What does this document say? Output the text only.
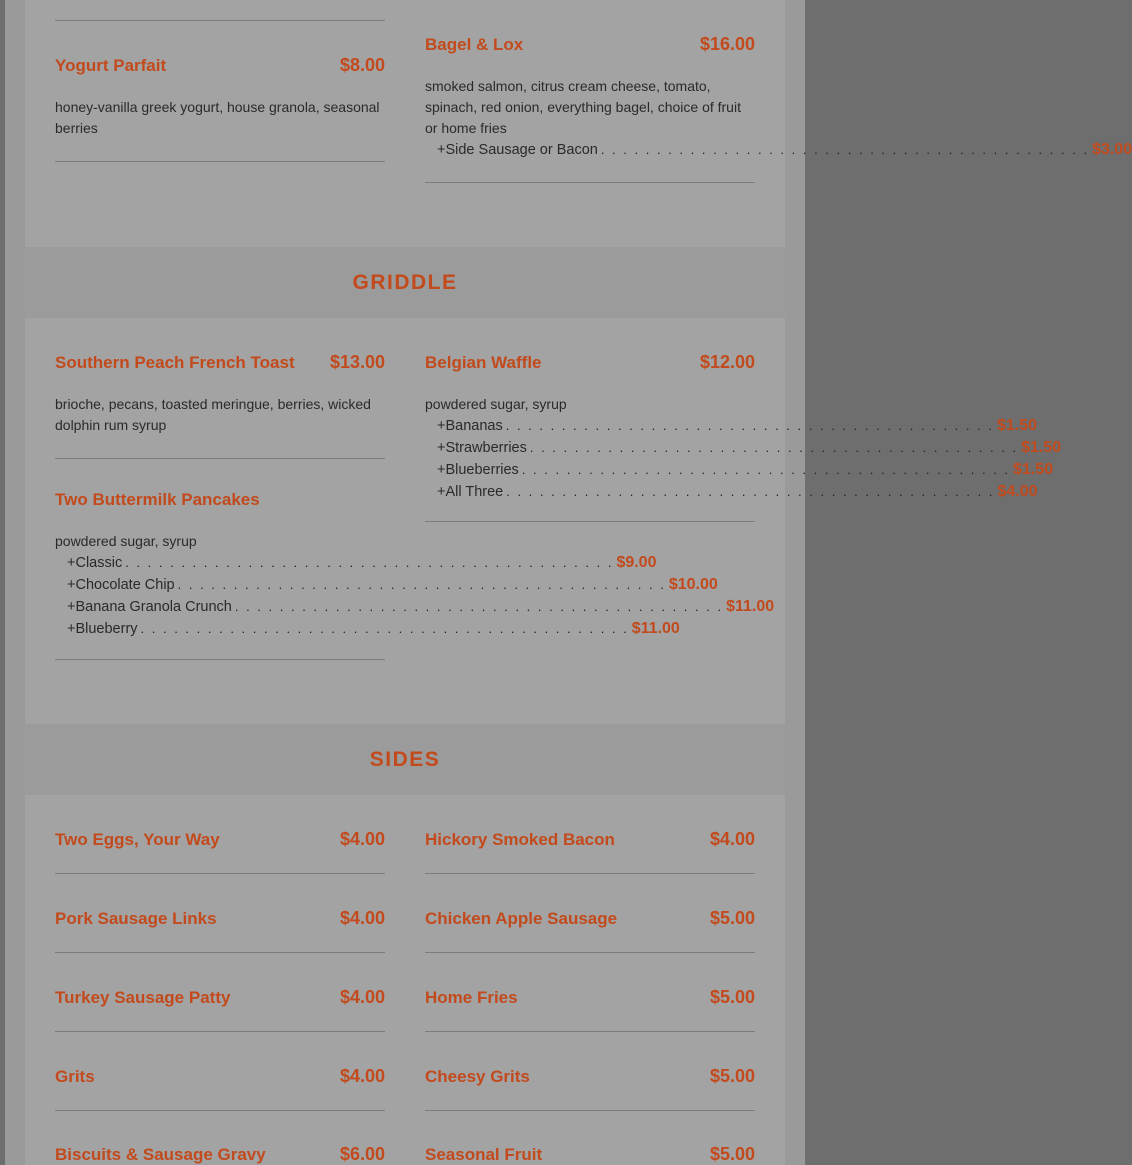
Yogurt Parfait	$8.00
honey-vanilla greek yogurt, house granola, seasonal berries
Bagel & Lox	$16.00
smoked salmon, citrus cream cheese, tomato, spinach, red onion, everything bagel, choice of fruit or home fries
+ Side Sausage or Bacon . . . . . . . . . . . . . . . . . . . . . . . . . . . . . . . . . . . . . . . . . . . . $3.00
GRIDDLE
Southern Peach French Toast $13.00
brioche, pecans, toasted meringue, berries, wicked dolphin rum syrup
Two Buttermilk Pancakes
powdered sugar, syrup
+ Classic . . . . . . . . . . . . . . . . . . . . . . . . . . . . . . . . . . . . . . . . . . . . $9.00
+ Chocolate Chip . . . . . . . . . . . . . . . . . . . . . . . . . . . . . . . . . . . . . . . . . . . . $10.00
+ Banana Granola Crunch . . . . . . . . . . . . . . . . . . . . . . . . . . . . . . . . . . . . . . . . . . . . $11.00
+ Blueberry . . . . . . . . . . . . . . . . . . . . . . . . . . . . . . . . . . . . . . . . . . . . $11.00
Belgian Waffle	$12.00
powdered sugar, syrup
+ Bananas . . . . . . . . . . . . . . . . . . . . . . . . . . . . . . . . . . . . . . . . . . . . $1.50
+ Strawberries . . . . . . . . . . . . . . . . . . . . . . . . . . . . . . . . . . . . . . . . . . . . $1.50
+ Blueberries . . . . . . . . . . . . . . . . . . . . . . . . . . . . . . . . . . . . . . . . . . . . $1.50
+ All Three . . . . . . . . . . . . . . . . . . . . . . . . . . . . . . . . . . . . . . . . . . . . $4.00
SIDES
Two Eggs, Your Way	$4.00
Pork Sausage Links	$4.00
Turkey Sausage Patty	$4.00
Grits	$4.00
Biscuits & Sausage Gravy	$6.00
Hickory Smoked Bacon	$4.00
Chicken Apple Sausage	$5.00
Home Fries	$5.00
Cheesy Grits	$5.00
Seasonal Fruit	$5.00
